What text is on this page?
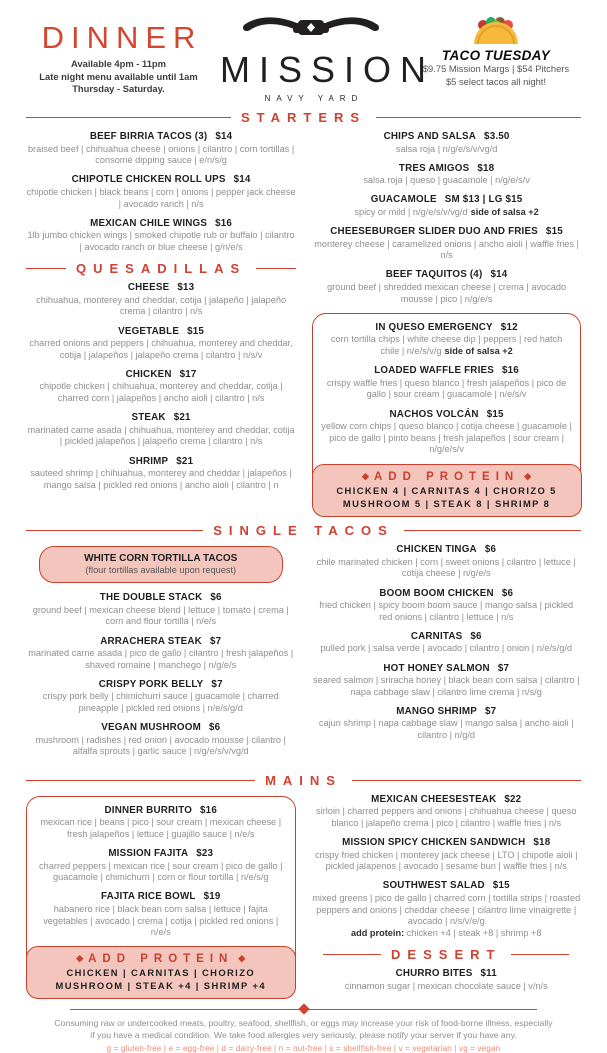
DINNER
Available 4pm - 11pm
Late night menu available until 1am
Thursday - Saturday.	MISSION
NAVY YARD
TACO TUESDAY
$9.75 Mission Margs | $54 Pitchers
$5 select tacos all night!
STARTERS
BEEF BIRRIA TACOS (3) $14
braised beef | chihuahua cheese | onions | cilantro | corn tortillas | consomé dipping sauce | e/n/s/g
CHIPOTLE CHICKEN ROLL UPS $14
chipotle chicken | black beans | corn | onions | pepper jack cheese | avocado ranch | n/s
MEXICAN CHILE WINGS $16
1lb jumbo chicken wings | smoked chipotle rub or buffalo | cilantro | avocado ranch or blue cheese | g/n/e/s
QUESADILLAS
CHEESE $13
chihuahua, monterey and cheddar, cotija | jalapeño | jalapeño crema | cilantro | n/s
VEGETABLE $15
charred onions and peppers | chihuahua, monterey and cheddar, cotija | jalapeños | jalapeño crema | cilantro | n/s/v
CHICKEN $17
chipotle chicken | chihuahua, monterey and cheddar, cotija | charred corn | jalapeños | ancho aioli | cilantro | n/s
STEAK $21
marinated carne asada | chihuahua, monterey and cheddar, cotija | pickled jalapeños | jalapeño crema | cilantro | n/s
SHRIMP $21
sauteed shrimp | chihuahua, monterey and cheddar | jalapeños | mango salsa | pickled red onions | ancho aioli | cilantro | n
CHIPS AND SALSA $3.50
salsa roja | n/g/e/s/v/vg/d
TRES AMIGOS $18
salsa roja | queso | guacamole | n/g/e/s/v
GUACAMOLE SM $13 | LG $15
spicy or mild | n/g/e/s/v/vg/d side of salsa +2
CHEESEBURGER SLIDER DUO AND FRIES $15
monterey cheese | caramelized onions | ancho aioli | waffle fries | n/s
BEEF TAQUITOS (4) $14
ground beef | shredded mexican cheese | crema | avocado mousse | pico | n/g/e/s
IN QUESO EMERGENCY $12
corn tortilla chips | white cheese dip | peppers | red hatch chile | n/e/s/v/g side of salsa +2
LOADED WAFFLE FRIES $16
crispy waffle fries | queso blanco | fresh jalapeños | pico de gallo | sour cream | guacamole | n/e/s/v
NACHOS VOLCÁN $15
yellow corn chips | queso blanco | cotija cheese | guacamole | pico de gallo | pinto beans | fresh jalapeños | sour cream | n/g/e/s/v
◆ ADD PROTEIN ◆
CHICKEN 4 | CARNITAS 4 | CHORIZO 5
MUSHROOM 5 | STEAK 8 | SHRIMP 8
SINGLE TACOS
WHITE CORN TORTILLA TACOS
(flour tortillas available upon request)
THE DOUBLE STACK $6
ground beef | mexican cheese blend | lettuce | tomato | crema | corn and flour tortilla | n/e/s
ARRACHERA STEAK $7
marinated carne asada | pico de gallo | cilantro | fresh jalapeños | shaved romaine | manchego | n/g/e/s
CRISPY PORK BELLY $7
crispy pork belly | chimichurri sauce | guacamole | charred pineapple | pickled red onions | n/e/s/g/d
VEGAN MUSHROOM $6
mushroom | radishes | red onion | avocado mousse | cilantro | alfalfa sprouts | garlic sauce | n/g/e/s/v/vg/d
CHICKEN TINGA $6
chile marinated chicken | corn | sweet onions | cilantro | lettuce | cotija cheese | n/g/e/s
BOOM BOOM CHICKEN $6
fried chicken | spicy boom boom sauce | mango salsa | pickled red onions | cilantro | lettuce | n/s
CARNITAS $6
pulled pork | salsa verde | avocado | cilantro | onion | n/e/s/g/d
HOT HONEY SALMON $7
seared salmon | sriracha honey | black bean corn salsa | cilantro | napa cabbage slaw | cilantro lime crema | n/s/g
MANGO SHRIMP $7
cajun shrimp | napa cabbage slaw | mango salsa | ancho aioli | cilantro | n/g/d
MAINS
DINNER BURRITO $16
mexican rice | beans | pico | sour cream | mexican cheese | fresh jalapeños | lettuce | guajillo sauce | n/e/s
MISSION FAJITA $23
charred peppers | mexican rice | sour cream | pico de gallo | guacamole | chimichurri | corn or flour tortilla | n/e/s/g
FAJITA RICE BOWL $19
habanero rice | black bean corn salsa | lettuce | fajita vegetables | avocado | crema | cotija | pickled red onions | n/e/s
◆ ADD PROTEIN ◆
CHICKEN | CARNITAS | CHORIZO
MUSHROOM | STEAK +4 | SHRIMP +4
MEXICAN CHEESESTEAK $22
sirloin | charred peppers and onions | chihuahua cheese | queso blanco | jalapeño crema | pico | cilantro | waffle fries | n/s
MISSION SPICY CHICKEN SANDWICH $18
crispy fried chicken | monterey jack cheese | LTO | chipotle aioli | pickled jalapenos | avocado | sesame bun | waffle fries | n/s
SOUTHWEST SALAD $15
mixed greens | pico de gallo | charred corn | tortilla strips | roasted peppers and onions | cheddar cheese | cilantro lime vinaigrette | avocado | n/s/v/e/g
add protein: chicken +4 | steak +8 | shrimp +8
DESSERT
CHURRO BITES $11
cinnamon sugar | mexican chocolate sauce | v/n/s
Consuming raw or undercooked meats, poultry, seafood, shellfish, or eggs may increase your risk of food-borne illness, especially
if you have a medical condition. We take food allergies very seriously, please notify your server if you have any.
g = gluten-free | e = egg-free | d = dairy-free | n = nut-free | s = shellfish-free | v = vegetarian | vg = vegan
